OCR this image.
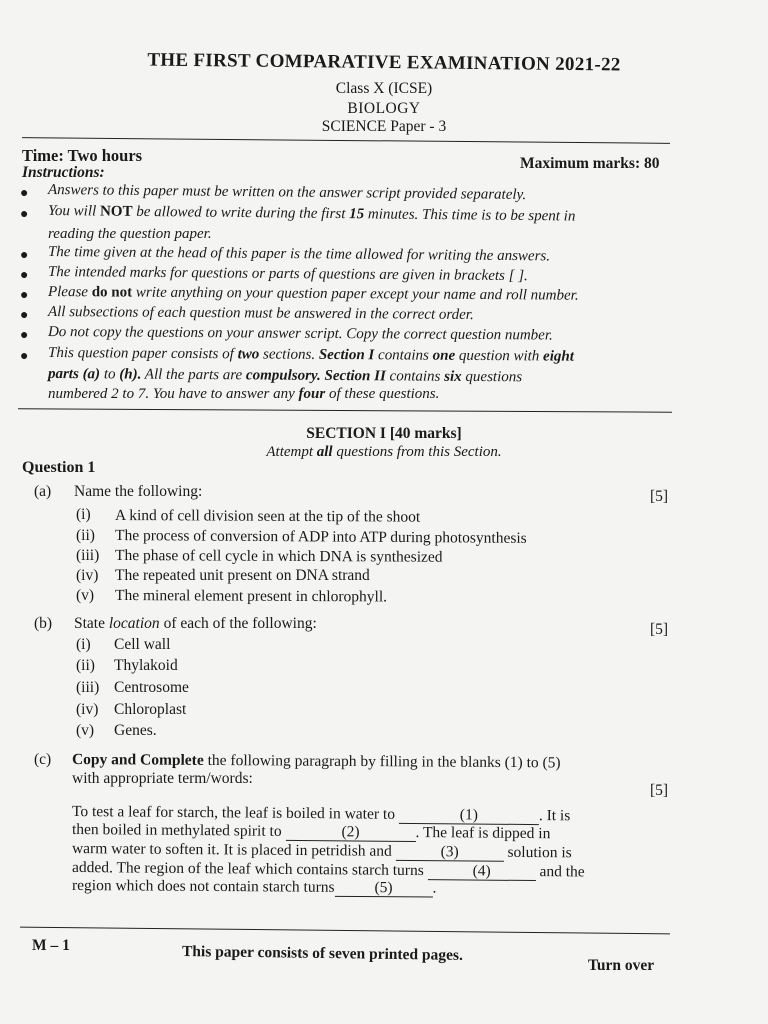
THE FIRST COMPARATIVE EXAMINATION 2021-22
Class X (ICSE)
BIOLOGY
SCIENCE Paper - 3
Time: Two hours	Maximum marks: 80
Instructions:
● Answers to this paper must be written on the answer script provided separately.
● You will NOT be allowed to write during the first 15 minutes. This time is to be spent in
reading the question paper.
● The time given at the head of this paper is the time allowed for writing the answers.
● The intended marks for questions or parts of questions are given in brackets [ ].
● Please do not write anything on your question paper except your name and roll number.
● All subsections of each question must be answered in the correct order.
● Do not copy the questions on your answer script. Copy the correct question number.
● This question paper consists of two sections. Section I contains one question with eight
parts (a) to (h). All the parts are compulsory. Section II contains six questions
numbered 2 to 7. You have to answer any four of these questions.
SECTION I [40 marks]
Attempt all questions from this Section.
Question 1
(a) Name the following:	[5]
(i) A kind of cell division seen at the tip of the shoot
(ii) The process of conversion of ADP into ATP during photosynthesis
(iii) The phase of cell cycle in which DNA is synthesized
(iv) The repeated unit present on DNA strand
(v) The mineral element present in chlorophyll.
(b) State location of each of the following:	[5]
(i) Cell wall
(ii) Thylakoid
(iii) Centrosome
(iv) Chloroplast
(v) Genes.
(c) Copy and Complete the following paragraph by filling in the blanks (1) to (5)
with appropriate term/words:
[5]
To test a leaf for starch, the leaf is boiled in water to	(1)	. It is
then boiled in methylated spirit to	(2)	. The leaf is dipped in
warm water to soften it. It is placed in petridish and	(3)	solution is
added. The region of the leaf which contains starch turns	(4)	and the
region which does not contain starch turns	(5)	.
M – 1	This paper consists of seven printed pages.
Turn over
